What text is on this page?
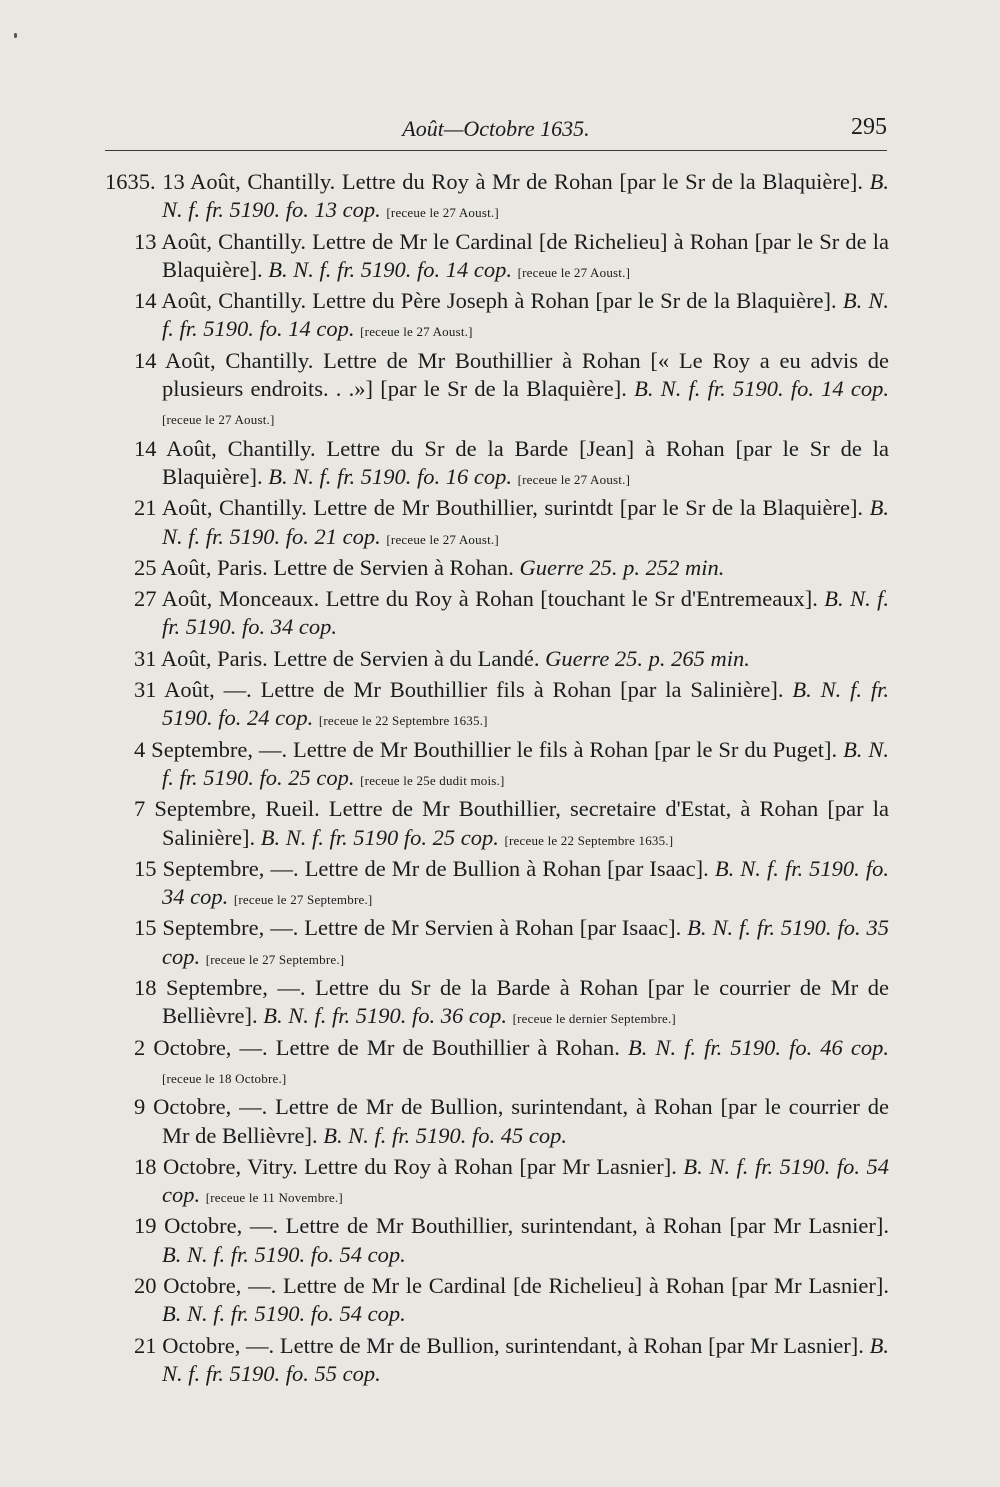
Août—Octobre 1635.	295

1635. 13 Août, Chantilly. Lettre du Roy à Mr de Rohan [par le Sr de la Blaquière]. B. N. f. fr. 5190. fo. 13 cop. [receue le 27 Aoust.]

13 Août, Chantilly. Lettre de Mr le Cardinal [de Richelieu] à Rohan [par le Sr de la Blaquière]. B. N. f. fr. 5190. fo. 14 cop. [receue le 27 Aoust.]

14 Août, Chantilly. Lettre du Père Joseph à Rohan [par le Sr de la Blaquière]. B. N. f. fr. 5190. fo. 14 cop. [receue le 27 Aoust.]

14 Août, Chantilly. Lettre de Mr Bouthillier à Rohan [« Le Roy a eu advis de plusieurs endroits. . .»] [par le Sr de la Blaquière]. B. N. f. fr. 5190. fo. 14 cop. [receue le 27 Aoust.]

14 Août, Chantilly. Lettre du Sr de la Barde [Jean] à Rohan [par le Sr de la Blaquière]. B. N. f. fr. 5190. fo. 16 cop. [receue le 27 Aoust.]

21 Août, Chantilly. Lettre de Mr Bouthillier, surintdt [par le Sr de la Blaquière]. B. N. f. fr. 5190. fo. 21 cop. [receue le 27 Aoust.]

25 Août, Paris. Lettre de Servien à Rohan. Guerre 25. p. 252 min.

27 Août, Monceaux. Lettre du Roy à Rohan [touchant le Sr d'Entremeaux]. B. N. f. fr. 5190. fo. 34 cop.

31 Août, Paris. Lettre de Servien à du Landé. Guerre 25. p. 265 min.

31 Août, —. Lettre de Mr Bouthillier fils à Rohan [par la Salinière]. B. N. f. fr. 5190. fo. 24 cop. [receue le 22 Septembre 1635.]

4 Septembre, —. Lettre de Mr Bouthillier le fils à Rohan [par le Sr du Puget]. B. N. f. fr. 5190. fo. 25 cop. [receue le 25e dudit mois.]

7 Septembre, Rueil. Lettre de Mr Bouthillier, secretaire d'Estat, à Rohan [par la Salinière]. B. N. f. fr. 5190 fo. 25 cop. [receue le 22 Septembre 1635.]

15 Septembre, —. Lettre de Mr de Bullion à Rohan [par Isaac]. B. N. f. fr. 5190. fo. 34 cop. [receue le 27 Septembre.]

15 Septembre, —. Lettre de Mr Servien à Rohan [par Isaac]. B. N. f. fr. 5190. fo. 35 cop. [receue le 27 Septembre.]

18 Septembre, —. Lettre du Sr de la Barde à Rohan [par le courrier de Mr de Bellièvre]. B. N. f. fr. 5190. fo. 36 cop. [receue le dernier Septembre.]

2 Octobre, —. Lettre de Mr de Bouthillier à Rohan. B. N. f. fr. 5190. fo. 46 cop. [receue le 18 Octobre.]

9 Octobre, —. Lettre de Mr de Bullion, surintendant, à Rohan [par le courrier de Mr de Bellièvre]. B. N. f. fr. 5190. fo. 45 cop.

18 Octobre, Vitry. Lettre du Roy à Rohan [par Mr Lasnier]. B. N. f. fr. 5190. fo. 54 cop. [receue le 11 Novembre.]

19 Octobre, —. Lettre de Mr Bouthillier, surintendant, à Rohan [par Mr Lasnier]. B. N. f. fr. 5190. fo. 54 cop.

20 Octobre, —. Lettre de Mr le Cardinal [de Richelieu] à Rohan [par Mr Lasnier]. B. N. f. fr. 5190. fo. 54 cop.

21 Octobre, —. Lettre de Mr de Bullion, surintendant, à Rohan [par Mr Lasnier]. B. N. f. fr. 5190. fo. 55 cop.
